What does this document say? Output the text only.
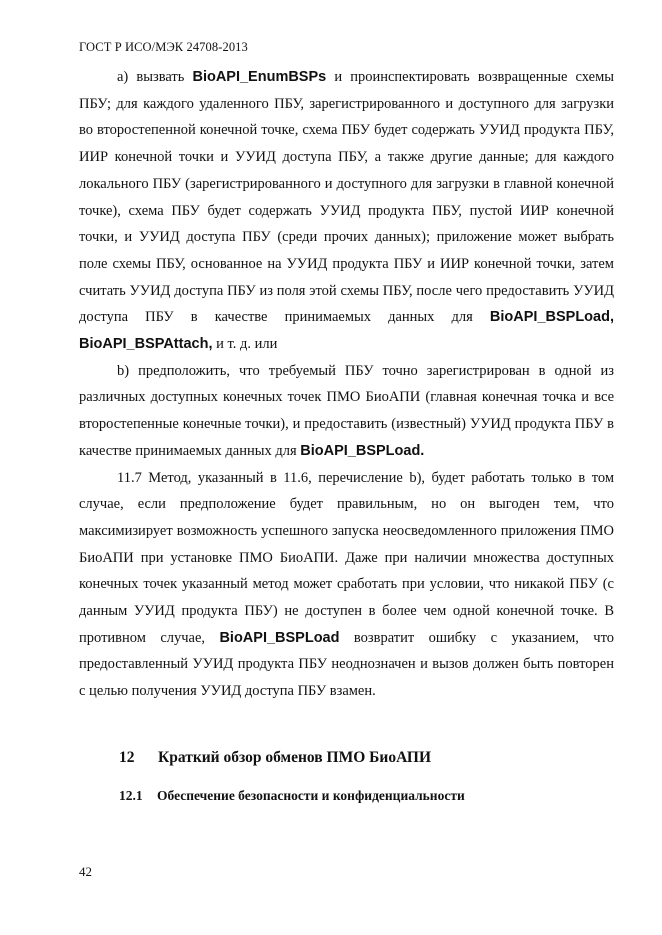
ГОСТ Р ИСО/МЭК 24708-2013

a) вызвать BioAPI_EnumBSPs и проинспектировать возвращенные схемы ПБУ; для каждого удаленного ПБУ, зарегистрированного и доступного для загрузки во второстепенной конечной точке, схема ПБУ будет содержать УУИД продукта ПБУ, ИИР конечной точки и УУИД доступа ПБУ, а также другие данные; для каждого локального ПБУ (зарегистрированного и доступного для загрузки в главной конечной точке), схема ПБУ будет содержать УУИД продукта ПБУ, пустой ИИР конечной точки, и УУИД доступа ПБУ (среди прочих данных); приложение может выбрать поле схемы ПБУ, основанное на УУИД продукта ПБУ и ИИР конечной точки, затем считать УУИД доступа ПБУ из поля этой схемы ПБУ, после чего предоставить УУИД доступа ПБУ в качестве принимаемых данных для BioAPI_BSPLoad, BioAPI_BSPAttach, и т. д. или

b) предположить, что требуемый ПБУ точно зарегистрирован в одной из различных доступных конечных точек ПМО БиоАПИ (главная конечная точка и все второстепенные конечные точки), и предоставить (известный) УУИД продукта ПБУ в качестве принимаемых данных для BioAPI_BSPLoad.

11.7 Метод, указанный в 11.6, перечисление b), будет работать только в том случае, если предположение будет правильным, но он выгоден тем, что максимизирует возможность успешного запуска неосведомленного приложения ПМО БиоАПИ при установке ПМО БиоАПИ. Даже при наличии множества доступных конечных точек указанный метод может сработать при условии, что никакой ПБУ (с данным УУИД продукта ПБУ) не доступен в более чем одной конечной точке. В противном случае, BioAPI_BSPLoad возвратит ошибку с указанием, что предоставленный УУИД продукта ПБУ неоднозначен и вызов должен быть повторен с целью получения УУИД доступа ПБУ взамен.

12 Краткий обзор обменов ПМО БиоАПИ
12.1 Обеспечение безопасности и конфиденциальности
42
